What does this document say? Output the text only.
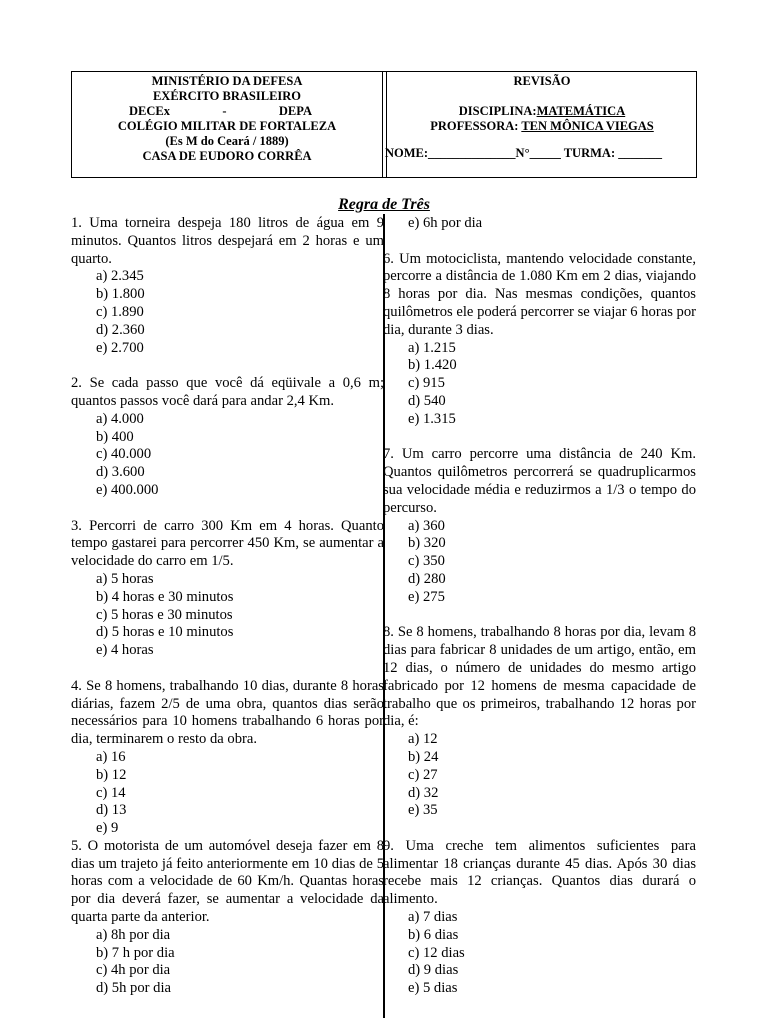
MINISTÉRIO DA DEFESA
EXÉRCITO BRASILEIRO
DECEx	-	DEPA
COLÉGIO MILITAR DE FORTALEZA
(Es M do Ceará / 1889)
CASA DE EUDORO CORRÊA
REVISÃO
DISCIPLINA:MATEMÁTICA
PROFESSORA: TEN MÔNICA VIEGAS
NOME:______________N°_____ TURMA: _______
Regra de Três

1. Uma torneira despeja 180 litros de água em 9 minutos. Quantos litros despejará em 2 horas e um quarto.

a) 2.345
b) 1.800
c) 1.890
d) 2.360
e) 2.700

2. Se cada passo que você dá eqüivale a 0,6 m; quantos passos você dará para andar 2,4 Km.

a) 4.000
b) 400
c) 40.000
d) 3.600
e) 400.000

3. Percorri de carro 300 Km em 4 horas. Quanto tempo gastarei para percorrer 450 Km, se aumentar a velocidade do carro em 1/5.

a) 5 horas
b) 4 horas e 30 minutos
c) 5 horas e 30 minutos
d) 5 horas e 10 minutos
e) 4 horas

4. Se 8 homens, trabalhando 10 dias, durante 8 horas diárias, fazem 2/5 de uma obra, quantos dias serão necessários para 10 homens trabalhando 6 horas por dia, terminarem o resto da obra.

a) 16
b) 12
c) 14
d) 13
e) 9

5. O motorista de um automóvel deseja fazer em 8 dias um trajeto já feito anteriormente em 10 dias de 5 horas com a velocidade de 60 Km/h. Quantas horas por dia deverá fazer, se aumentar a velocidade da quarta parte da anterior.

a) 8h por dia
b) 7 h por dia
c) 4h por dia
d) 5h por dia
e) 6h por dia

6. Um motociclista, mantendo velocidade constante, percorre a distância de 1.080 Km em 2 dias, viajando 8 horas por dia. Nas mesmas condições, quantos quilômetros ele poderá percorrer se viajar 6 horas por dia, durante 3 dias.

a) 1.215
b) 1.420
c) 915
d) 540
e) 1.315

7. Um carro percorre uma distância de 240 Km. Quantos quilômetros percorrerá se quadruplicarmos sua velocidade média e reduzirmos a 1/3 o tempo do percurso.

a) 360
b) 320
c) 350
d) 280
e) 275

8. Se 8 homens, trabalhando 8 horas por dia, levam 8 dias para fabricar 8 unidades de um artigo, então, em 12 dias, o número de unidades do mesmo artigo fabricado por 12 homens de mesma capacidade de trabalho que os primeiros, trabalhando 12 horas por dia, é:

a) 12
b) 24
c) 27
d) 32
e) 35

9. Uma creche tem alimentos suficientes para alimentar 18 crianças durante 45 dias. Após 30 dias recebe mais 12 crianças. Quantos dias durará o alimento.

a) 7 dias
b) 6 dias
c) 12 dias
d) 9 dias
e) 5 dias
